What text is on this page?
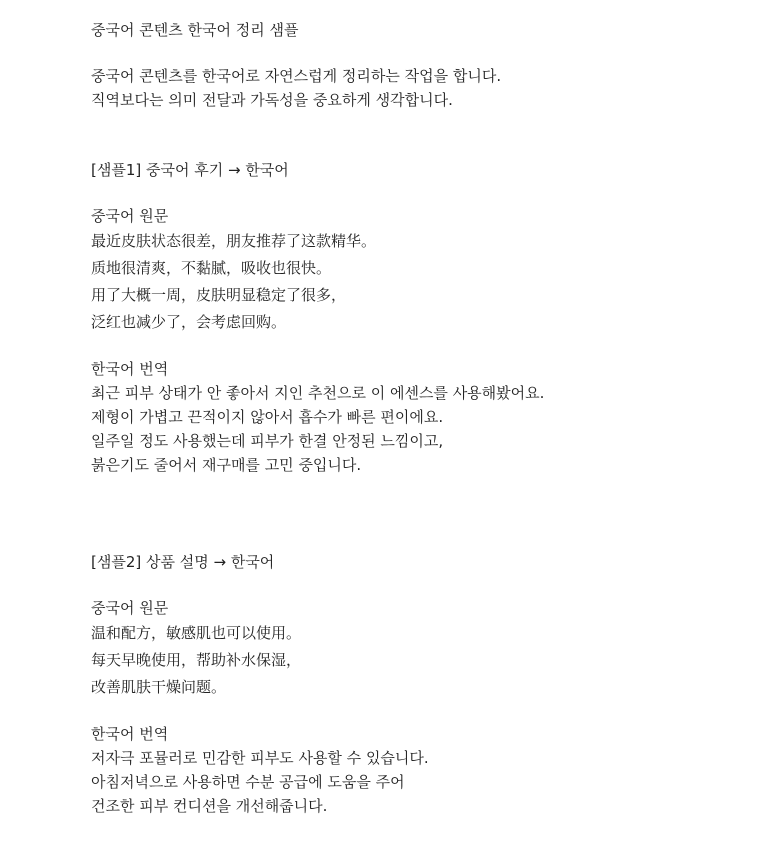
중국어 콘텐츠 한국어 정리 샘플
중국어 콘텐츠를 한국어로 자연스럽게 정리하는 작업을 합니다.
직역보다는 의미 전달과 가독성을 중요하게 생각합니다.
[샘플1] 중국어 후기 → 한국어
중국어 원문
最近皮肤状态很差，朋友推荐了这款精华。
质地很清爽，不黏腻，吸收也很快。
用了大概一周，皮肤明显稳定了很多，
泛红也减少了，会考虑回购。
한국어 번역
최근 피부 상태가 안 좋아서 지인 추천으로 이 에센스를 사용해봤어요.
제형이 가볍고 끈적이지 않아서 흡수가 빠른 편이에요.
일주일 정도 사용했는데 피부가 한결 안정된 느낌이고,
붉은기도 줄어서 재구매를 고민 중입니다.
[샘플2] 상품 설명 → 한국어
중국어 원문
温和配方，敏感肌也可以使用。
每天早晚使用，帮助补水保湿，
改善肌肤干燥问题。
한국어 번역
저자극 포뮬러로 민감한 피부도 사용할 수 있습니다.
아침저녁으로 사용하면 수분 공급에 도움을 주어
건조한 피부 컨디션을 개선해줍니다.
